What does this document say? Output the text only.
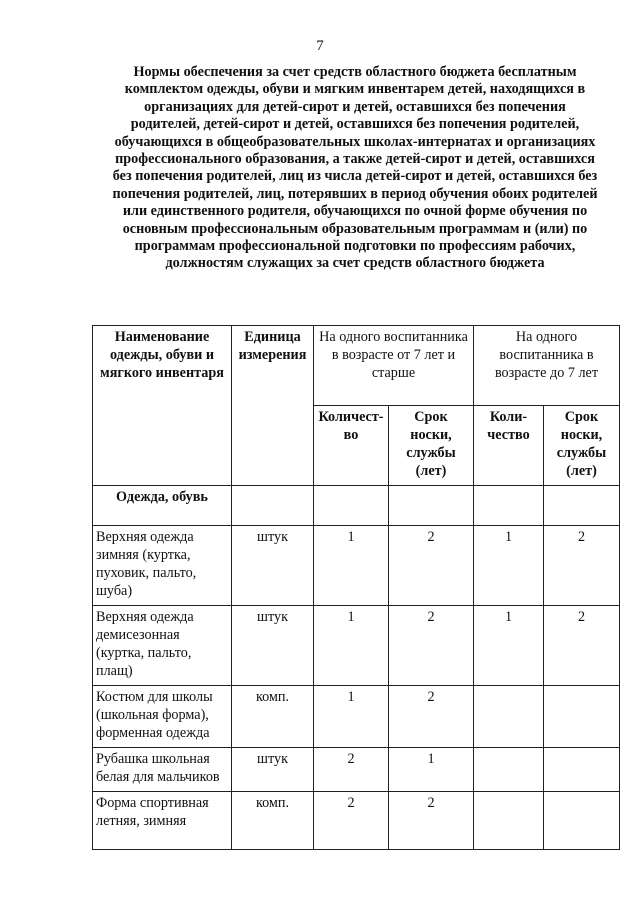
7
Нормы обеспечения за счет средств областного бюджета бесплатным
комплектом одежды, обуви и мягким инвентарем детей, находящихся в
организациях для детей-сирот и детей, оставшихся без попечения
родителей, детей-сирот и детей, оставшихся без попечения родителей,
обучающихся в общеобразовательных школах-интернатах и организациях
профессионального образования, а также детей-сирот и детей, оставшихся
без попечения родителей, лиц из числа детей-сирот и детей, оставшихся без
попечения родителей, лиц, потерявших в период обучения обоих родителей
или единственного родителя, обучающихся по очной форме обучения по
основным профессиональным образовательным программам и (или) по
программам профессиональной подготовки по профессиям рабочих,
должностям служащих за счет средств областного бюджета
Наименование одежды, обуви и мягкого инвентаря	Единица измерения	На одного воспитанника в возрасте от 7 лет и старше		На одного воспитанника в возрасте до 7 лет	
		Количест-во	Срок носки, службы (лет)	Коли-чество	Срок носки, службы (лет)
Одежда, обувь					
Верхняя одежда зимняя (куртка, пуховик, пальто, шуба)	штук	1	2	1	2
Верхняя одежда демисезонная (куртка, пальто, плащ)	штук	1	2	1	2
Костюм для школы (школьная форма), форменная одежда	комп.	1	2		

Рубашка школьная
белая для мальчиков	штук	2	1		

Форма спортивная
летняя, зимняя	комп.	2	2		
